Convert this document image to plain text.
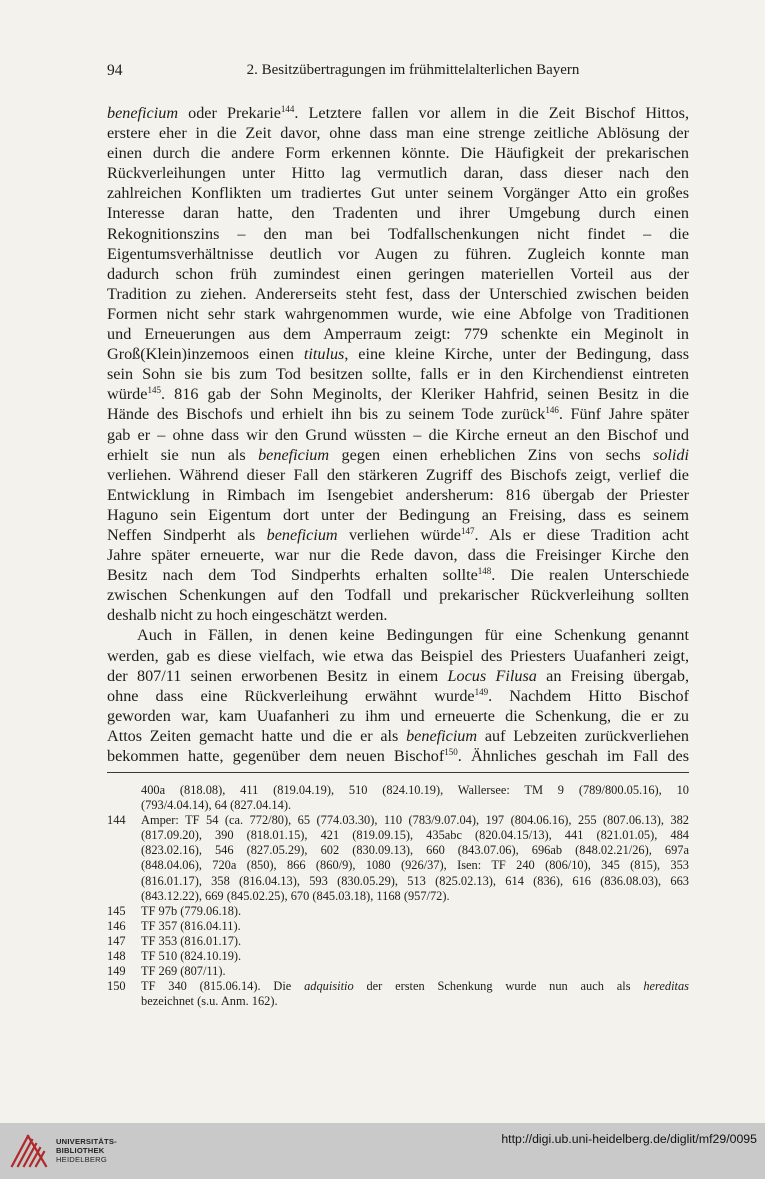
94	2. Besitzübertragungen im frühmittelalterlichen Bayern
beneficium oder Prekarie$^{144}$. Letztere fallen vor allem in die Zeit Bischof Hittos,
erstere eher in die Zeit davor, ohne dass man eine strenge zeitliche Ablösung der
einen durch die andere Form erkennen könnte. Die Häufigkeit der prekarischen
Rückverleihungen unter Hitto lag vermutlich daran, dass dieser nach den
zahlreichen Konflikten um tradiertes Gut unter seinem Vorgänger Atto ein großes
Interesse daran hatte, den Tradenten und ihrer Umgebung durch einen
Rekognitionszins – den man bei Todfallschenkungen nicht findet – die
Eigentumsverhältnisse deutlich vor Augen zu führen. Zugleich konnte man
dadurch schon früh zumindest einen geringen materiellen Vorteil aus der
Tradition zu ziehen. Andererseits steht fest, dass der Unterschied zwischen beiden
Formen nicht sehr stark wahrgenommen wurde, wie eine Abfolge von Traditionen
und Erneuerungen aus dem Amperraum zeigt: 779 schenkte ein Meginolt in
Groß(Klein)inzemoos einen titulus, eine kleine Kirche, unter der Bedingung, dass
sein Sohn sie bis zum Tod besitzen sollte, falls er in den Kirchendienst eintreten
würde$^{145}$. 816 gab der Sohn Meginolts, der Kleriker Hahfrid, seinen Besitz in die
Hände des Bischofs und erhielt ihn bis zu seinem Tode zurück$^{146}$. Fünf Jahre später
gab er – ohne dass wir den Grund wüssten – die Kirche erneut an den Bischof und
erhielt sie nun als beneficium gegen einen erheblichen Zins von sechs solidi
verliehen. Während dieser Fall den stärkeren Zugriff des Bischofs zeigt, verlief die
Entwicklung in Rimbach im Isengebiet andersherum: 816 übergab der Priester
Haguno sein Eigentum dort unter der Bedingung an Freising, dass es seinem
Neffen Sindperht als beneficium verliehen würde$^{147}$. Als er diese Tradition acht
Jahre später erneuerte, war nur die Rede davon, dass die Freisinger Kirche den
Besitz nach dem Tod Sindperhts erhalten sollte$^{148}$. Die realen Unterschiede
zwischen Schenkungen auf den Todfall und prekarischer Rückverleihung sollten
deshalb nicht zu hoch eingeschätzt werden.
Auch in Fällen, in denen keine Bedingungen für eine Schenkung genannt
werden, gab es diese vielfach, wie etwa das Beispiel des Priesters Uuafanheri zeigt,
der 807/11 seinen erworbenen Besitz in einem Locus Filusa an Freising übergab,
ohne dass eine Rückverleihung erwähnt wurde$^{149}$. Nachdem Hitto Bischof
geworden war, kam Uuafanheri zu ihm und erneuerte die Schenkung, die er zu
Attos Zeiten gemacht hatte und die er als beneficium auf Lebzeiten zurückverliehen
bekommen hatte, gegenüber dem neuen Bischof$^{150}$. Ähnliches geschah im Fall des
400a (818.08), 411 (819.04.19), 510 (824.10.19), Wallersee: TM 9 (789/800.05.16), 10
(793/4.04.14), 64 (827.04.14).
144	Amper: TF 54 (ca. 772/80), 65 (774.03.30), 110 (783/9.07.04), 197 (804.06.16), 255 (807.06.13), 382
(817.09.20), 390 (818.01.15), 421 (819.09.15), 435abc (820.04.15/13), 441 (821.01.05), 484
(823.02.16), 546 (827.05.29), 602 (830.09.13), 660 (843.07.06), 696ab (848.02.21/26), 697a
(848.04.06), 720a (850), 866 (860/9), 1080 (926/37), Isen: TF 240 (806/10), 345 (815), 353
(816.01.17), 358 (816.04.13), 593 (830.05.29), 513 (825.02.13), 614 (836), 616 (836.08.03), 663
(843.12.22), 669 (845.02.25), 670 (845.03.18), 1168 (957/72).
145	TF 97b (779.06.18).
146	TF 357 (816.04.11).
147	TF 353 (816.01.17).
148	TF 510 (824.10.19).
149	TF 269 (807/11).
150	TF 340 (815.06.14). Die adquisitio der ersten Schenkung wurde nun auch als hereditas
bezeichnet (s.u. Anm. 162).
UNIVERSITÄTS-
BIBLIOTHEK
HEIDELBERG
http://digi.ub.uni-heidelberg.de/diglit/mf29/0095
